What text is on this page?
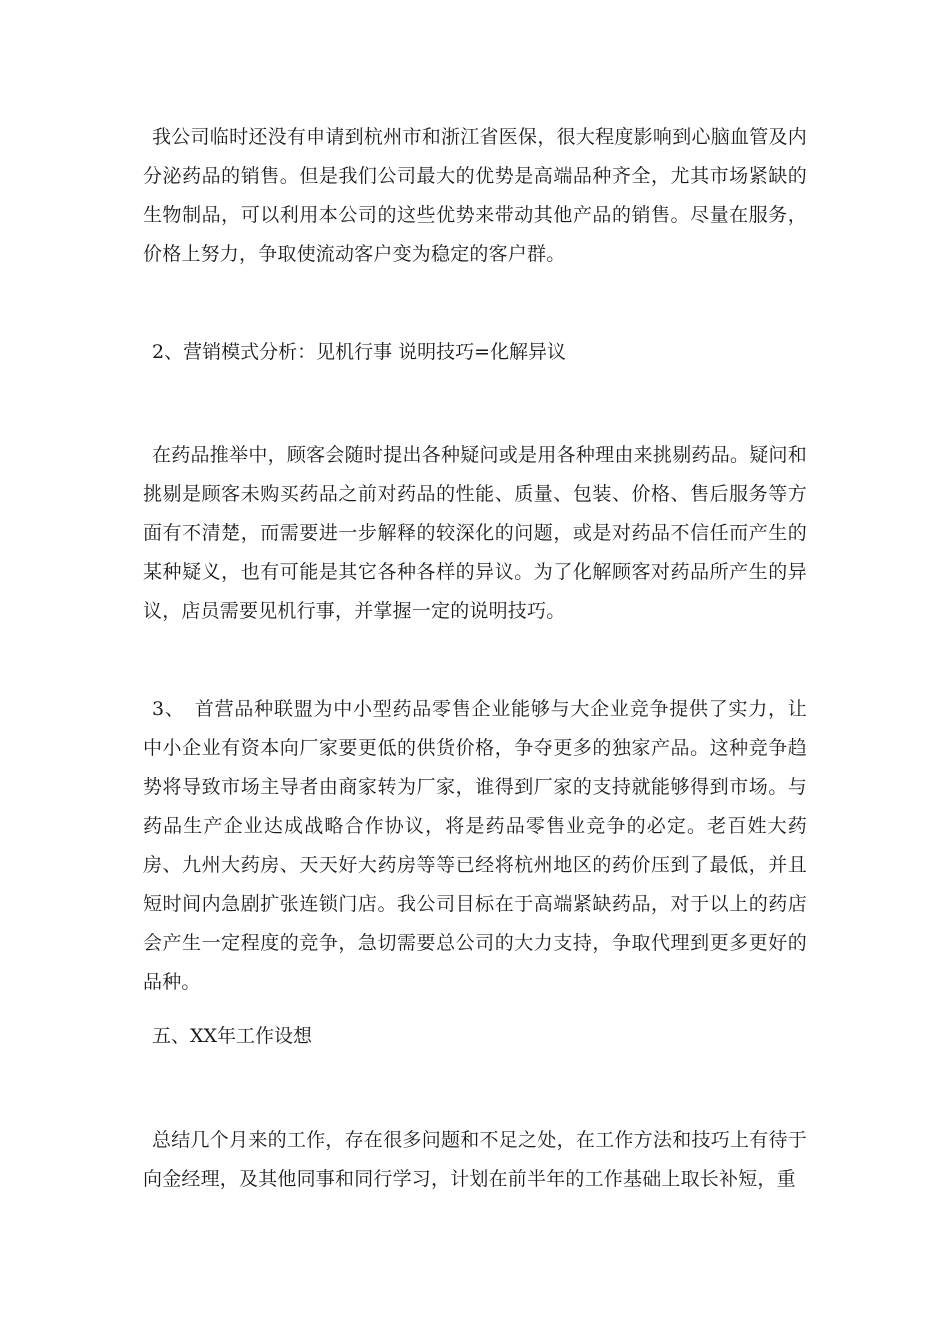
我公司临时还没有申请到杭州市和浙江省医保，很大程度影响到心脑血管及内分泌药品的销售。但是我们公司最大的优势是高端品种齐全，尤其市场紧缺的生物制品，可以利用本公司的这些优势来带动其他产品的销售。尽量在服务，价格上努力，争取使流动客户变为稳定的客户群。

2、营销模式分析：见机行事 说明技巧=化解异议

在药品推举中，顾客会随时提出各种疑问或是用各种理由来挑剔药品。疑问和挑剔是顾客未购买药品之前对药品的性能、质量、包装、价格、售后服务等方面有不清楚，而需要进一步解释的较深化的问题，或是对药品不信任而产生的某种疑义，也有可能是其它各种各样的异议。为了化解顾客对药品所产生的异议，店员需要见机行事，并掌握一定的说明技巧。

3、　首营品种联盟为中小型药品零售企业能够与大企业竞争提供了实力，让中小企业有资本向厂家要更低的供货价格，争夺更多的独家产品。这种竞争趋势将导致市场主导者由商家转为厂家，谁得到厂家的支持就能够得到市场。与药品生产企业达成战略合作协议，将是药品零售业竞争的必定。老百姓大药房、九州大药房、天天好大药房等等已经将杭州地区的药价压到了最低，并且短时间内急剧扩张连锁门店。我公司目标在于高端紧缺药品，对于以上的药店会产生一定程度的竞争，急切需要总公司的大力支持，争取代理到更多更好的品种。

五、XX年工作设想

总结几个月来的工作，存在很多问题和不足之处，在工作方法和技巧上有待于向金经理，及其他同事和同行学习，计划在前半年的工作基础上取长补短，重
